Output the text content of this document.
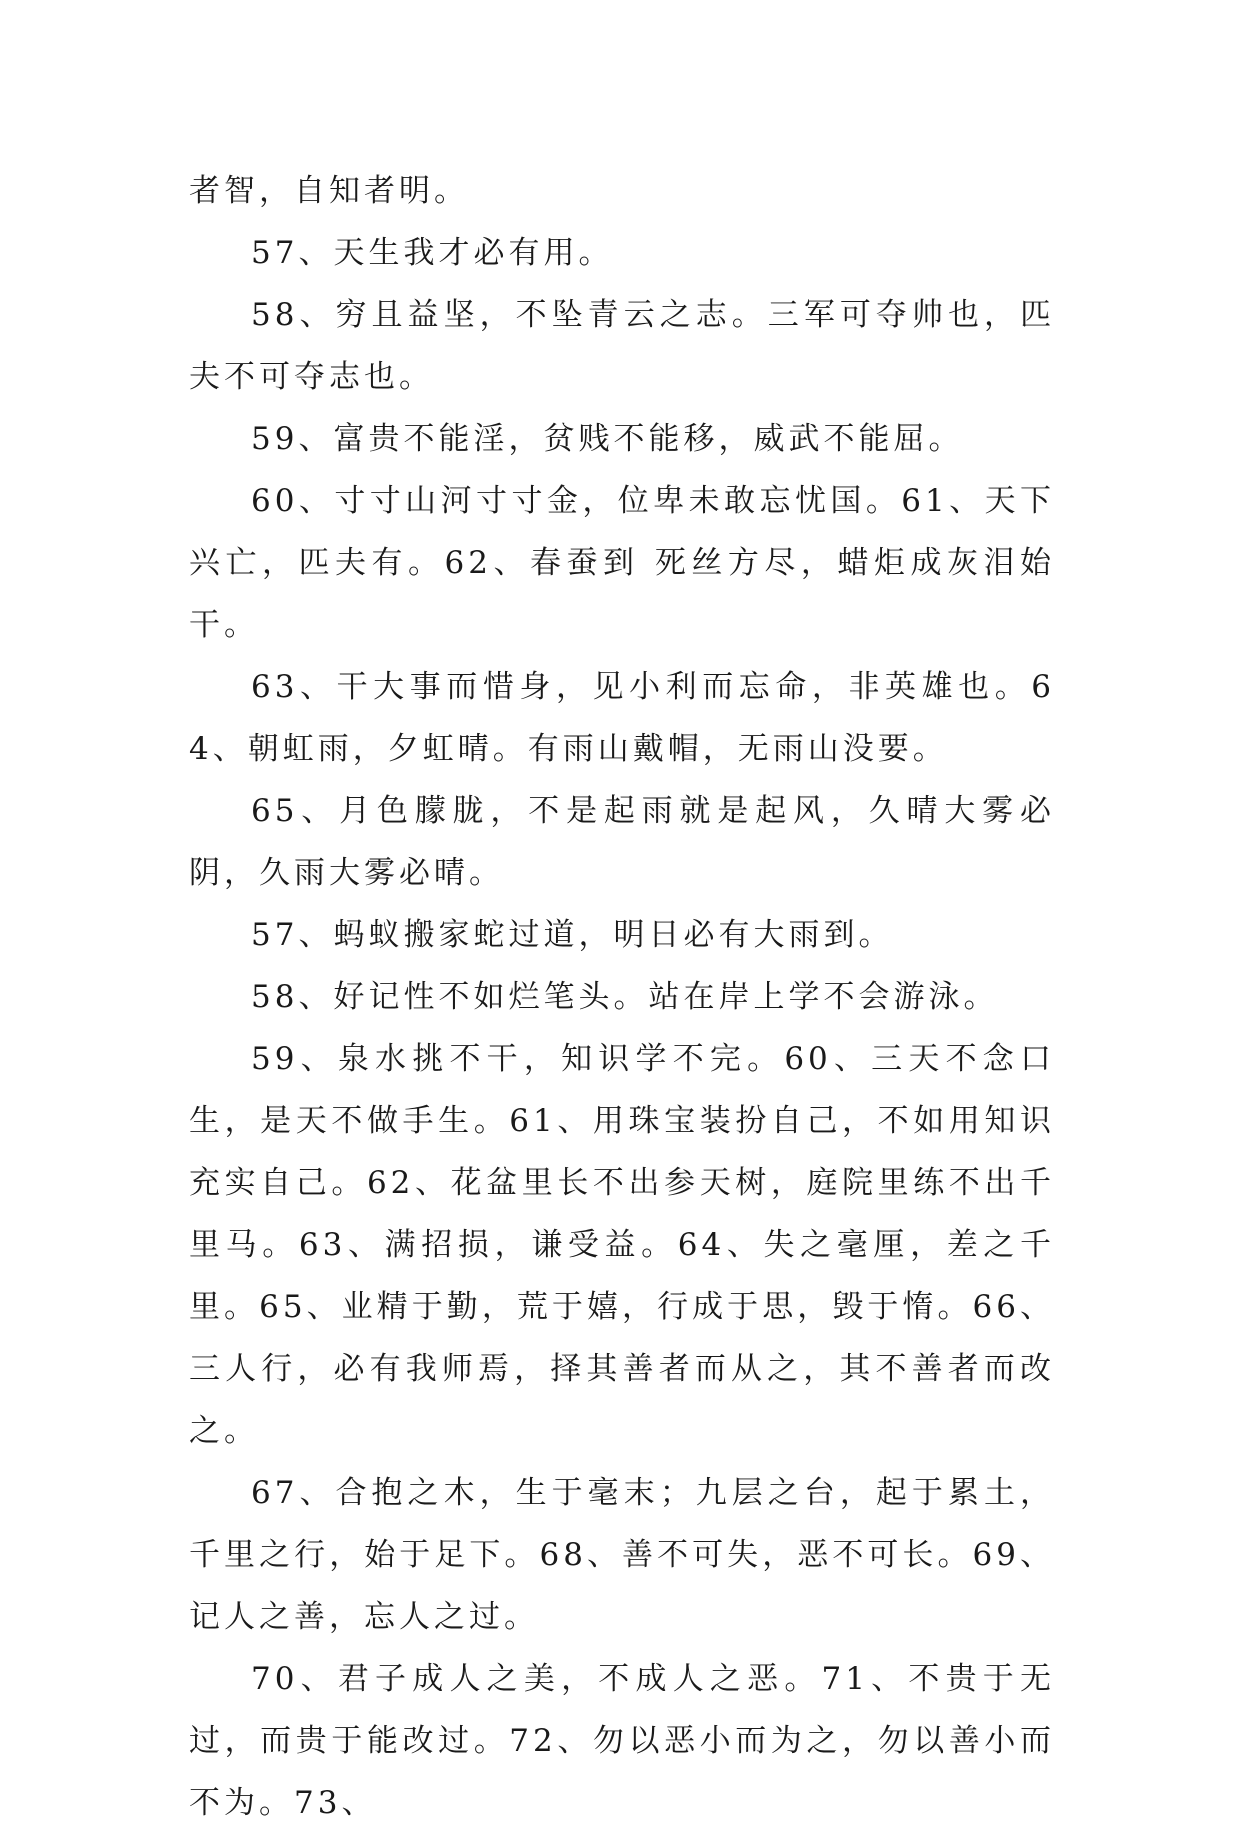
者智，自知者明。

57、天生我才必有用。

58、穷且益坚，不坠青云之志。三军可夺帅也，匹夫不可夺志也。

59、富贵不能淫，贫贱不能移，威武不能屈。

60、寸寸山河寸寸金，位卑未敢忘忧国。61、天下兴亡，匹夫有。62、春蚕到 死丝方尽，蜡炬成灰泪始干。

63、干大事而惜身，见小利而忘命，非英雄也。64、朝虹雨，夕虹晴。有雨山戴帽，无雨山没要。

65、月色朦胧，不是起雨就是起风，久晴大雾必阴，久雨大雾必晴。

57、蚂蚁搬家蛇过道，明日必有大雨到。

58、好记性不如烂笔头。站在岸上学不会游泳。

59、泉水挑不干，知识学不完。60、三天不念口生，是天不做手生。61、用珠宝装扮自己，不如用知识充实自己。62、花盆里长不出参天树，庭院里练不出千里马。63、满招损，谦受益。64、失之毫厘，差之千里。65、业精于勤，荒于嬉，行成于思，毁于惰。66、三人行，必有我师焉，择其善者而从之，其不善者而改之。

67、合抱之木，生于毫末；九层之台，起于累土，千里之行，始于足下。68、善不可失，恶不可长。69、记人之善，忘人之过。

70、君子成人之美，不成人之恶。71、不贵于无过，而贵于能改过。72、勿以恶小而为之，勿以善小而不为。73、
